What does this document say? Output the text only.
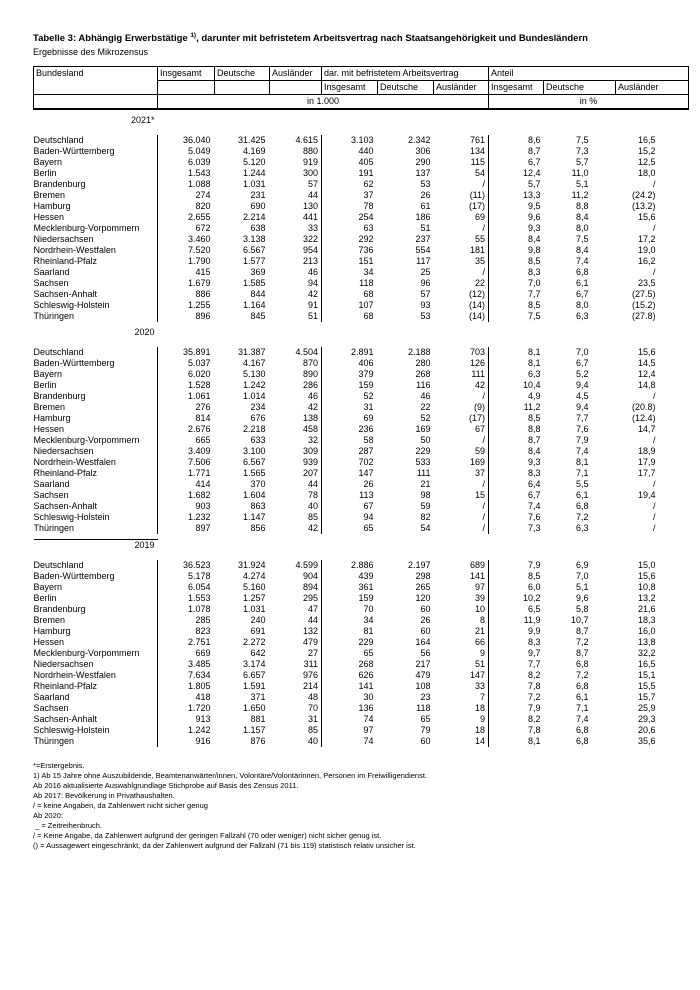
Tabelle 3: Abhängig Erwerbstätige $^{1)}$, darunter mit befristetem Arbeitsvertrag nach Staatsangehörigkeit und Bundesländern
Ergebnisse des Mikrozensus
Bundesland	Insgesamt	Deutsche	Ausländer	dar. mit befristetem Arbeitsvertrag			Anteil		
				Insgesamt	Deutsche	Ausländer	Insgesamt	Deutsche	Ausländer
	in 1.000						in %		

2021*									

Deutschland	36.040	31.425	4.615	3.103	2.342	761	8,6	7,5	16,5
Baden-Württemberg	5.049	4.169	880	440	306	134	8,7	7,3	15,2
Bayern	6.039	5.120	919	405	290	115	6,7	5,7	12,5
Berlin	1.543	1.244	300	191	137	54	12,4	11,0	18,0
Brandenburg	1.088	1.031	57	62	53	/	5,7	5,1	/
Bremen	274	231	44	37	26	(11)	13,3	11,2	(24.2)
Hamburg	820	690	130	78	61	(17)	9,5	8,8	(13.2)
Hessen	2.655	2.214	441	254	186	69	9,6	8,4	15,6
Mecklenburg-Vorpommern	672	638	33	63	51	/	9,3	8,0	/
Niedersachsen	3.460	3.138	322	292	237	55	8,4	7,5	17,2
Nordrhein-Westfalen	7.520	6.567	954	736	554	181	9,8	8,4	19,0
Rheinland-Pfalz	1.790	1.577	213	151	117	35	8,5	7,4	16,2
Saarland	415	369	46	34	25	/	8,3	6,8	/
Sachsen	1.679	1.585	94	118	96	22	7,0	6,1	23,5
Sachsen-Anhalt	886	844	42	68	57	(12)	7,7	6,7	(27.5)
Schleswig-Holstein	1.255	1.164	91	107	93	(14)	8,5	8,0	(15.2)
Thüringen	896	845	51	68	53	(14)	7,5	6,3	(27.8)

2020									

Deutschland	35.891	31.387	4.504	2.891	2.188	703	8,1	7,0	15,6
Baden-Württemberg	5.037	4.167	870	406	280	126	8,1	6,7	14,5
Bayern	6.020	5.130	890	379	268	111	6,3	5,2	12,4
Berlin	1.528	1.242	286	159	116	42	10,4	9,4	14,8
Brandenburg	1.061	1.014	46	52	46	/	4,9	4,5	/
Bremen	276	234	42	31	22	(9)	11,2	9,4	(20.8)
Hamburg	814	676	138	69	52	(17)	8,5	7,7	(12.4)
Hessen	2.676	2.218	458	236	169	67	8,8	7,6	14,7
Mecklenburg-Vorpommern	665	633	32	58	50	/	8,7	7,9	/
Niedersachsen	3.409	3.100	309	287	229	59	8,4	7,4	18,9
Nordrhein-Westfalen	7.506	6.567	939	702	533	169	9,3	8,1	17,9
Rheinland-Pfalz	1.771	1.565	207	147	111	37	8,3	7,1	17,7
Saarland	414	370	44	26	21	/	6,4	5,5	/
Sachsen	1.682	1.604	78	113	98	15	6,7	6,1	19,4
Sachsen-Anhalt	903	863	40	67	59	/	7,4	6,8	/
Schleswig-Holstein	1.232	1.147	85	94	82	/	7,6	7,2	/
Thüringen	897	856	42	65	54	/	7,3	6,3	/

2019									

Deutschland	36.523	31.924	4.599	2.886	2.197	689	7,9	6,9	15,0
Baden-Württemberg	5.178	4.274	904	439	298	141	8,5	7,0	15,6
Bayern	6.054	5.160	894	361	265	97	6,0	5,1	10,8
Berlin	1.553	1.257	295	159	120	39	10,2	9,6	13,2
Brandenburg	1.078	1.031	47	70	60	10	6,5	5,8	21,6
Bremen	285	240	44	34	26	8	11,9	10,7	18,3
Hamburg	823	691	132	81	60	21	9,9	8,7	16,0
Hessen	2.751	2.272	479	229	164	66	8,3	7,2	13,8
Mecklenburg-Vorpommern	669	642	27	65	56	9	9,7	8,7	32,2
Niedersachsen	3.485	3.174	311	268	217	51	7,7	6,8	16,5
Nordrhein-Westfalen	7.634	6.657	976	626	479	147	8,2	7,2	15,1
Rheinland-Pfalz	1.805	1.591	214	141	108	33	7,8	6,8	15,5
Saarland	418	371	48	30	23	7	7,2	6,1	15,7
Sachsen	1.720	1.650	70	136	118	18	7,9	7,1	25,9
Sachsen-Anhalt	913	881	31	74	65	9	8,2	7,4	29,3
Schleswig-Holstein	1.242	1.157	85	97	79	18	7,8	6,8	20,6
Thüringen	916	876	40	74	60	14	8,1	6,8	35,6
*=Erstergebnis.
1) Ab 15 Jahre ohne Auszubildende, Beamtenanwärter/innen, Volontäre/Volontärinnen, Personen im Freiwilligendienst.
Ab 2016 aktualisierte Auswahlgrundlage Stichprobe auf Basis des Zensus 2011.
Ab 2017: Bevölkerung in Privathaushalten.
/ = keine Angaben, da Zahlenwert nicht sicher genug
Ab 2020:
_ = Zeitreihenbruch.
/ = Keine Angabe, da Zahlenwert aufgrund der geringen Fallzahl (70 oder weniger) nicht sicher genug ist.
() = Aussagewert eingeschränkt, da der Zahlenwert aufgrund der Fallzahl (71 bis 119) statistisch relativ unsicher ist.
